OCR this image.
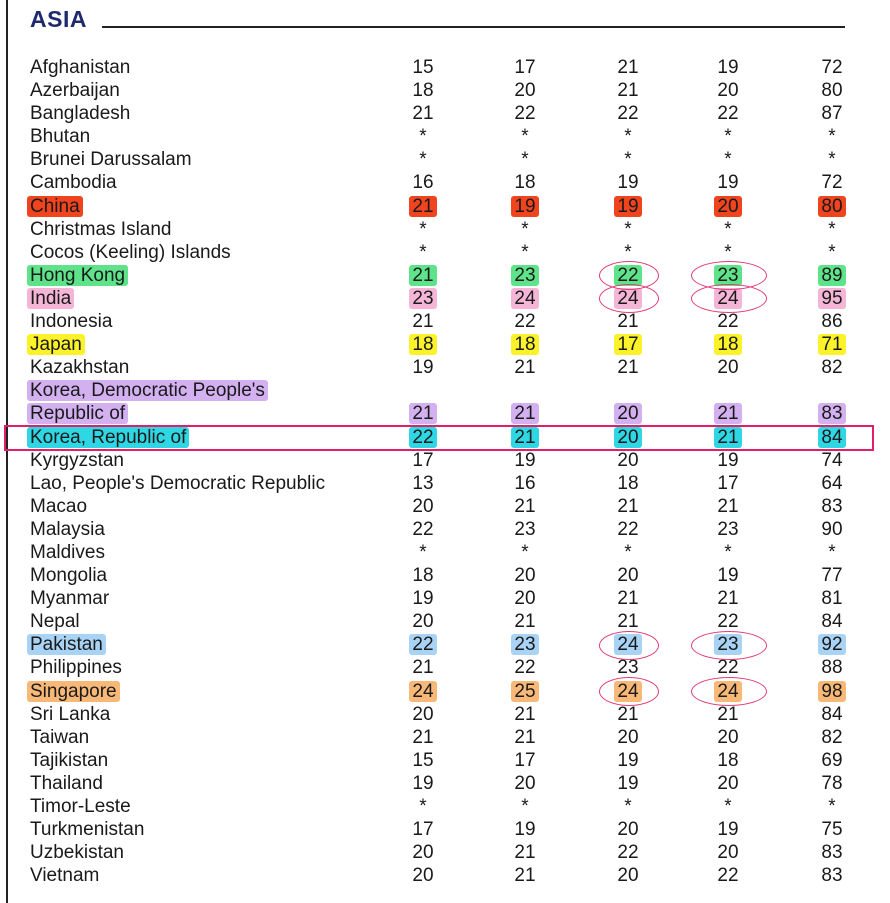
ASIA
Afghanistan	15	17	21	19	72
Azerbaijan	18	20	21	20	80
Bangladesh	21	22	22	22	87
Bhutan	*	*	*	*	*
Brunei Darussalam	*	*	*	*	*
Cambodia	16	18	19	19	72
China	21	19	19	20	80
Christmas Island	*	*	*	*	*
Cocos (Keeling) Islands	*	*	*	*	*
Hong Kong	21	23	22	23	89
India	23	24	24	24	95
Indonesia	21	22	21	22	86
Japan	18	18	17	18	71
Kazakhstan	19	21	21	20	82
Korea, Democratic People's
Republic of	21	21	20	21	83
Korea, Republic of	22	21	20	21	84
Kyrgyzstan	17	19	20	19	74
Lao, People's Democratic Republic	13	16	18	17	64
Macao	20	21	21	21	83
Malaysia	22	23	22	23	90
Maldives	*	*	*	*	*
Mongolia	18	20	20	19	77
Myanmar	19	20	21	21	81
Nepal	20	21	21	22	84
Pakistan	22	23	24	23	92
Philippines	21	22	23	22	88
Singapore	24	25	24	24	98
Sri Lanka	20	21	21	21	84
Taiwan	21	21	20	20	82
Tajikistan	15	17	19	18	69
Thailand	19	20	19	20	78
Timor-Leste	*	*	*	*	*
Turkmenistan	17	19	20	19	75
Uzbekistan	20	21	22	20	83
Vietnam	20	21	20	22	83
